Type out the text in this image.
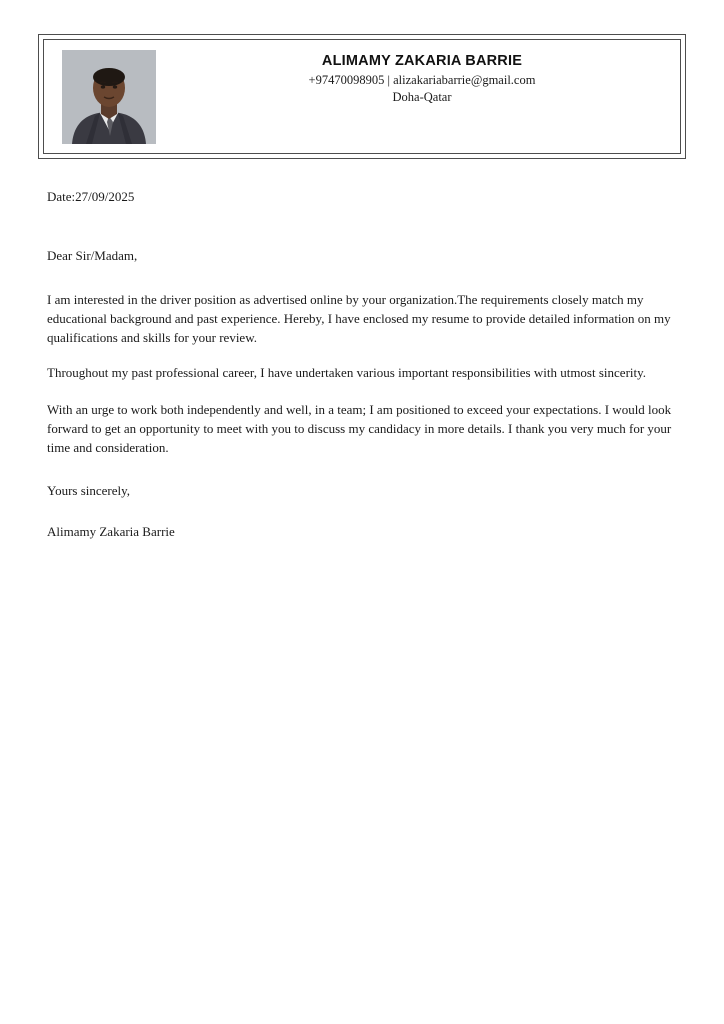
ALIMAMY ZAKARIA BARRIE

+97470098905 | alizakariabarrie@gmail.com

Doha-Qatar

Date:27/09/2025

Dear Sir/Madam,

I am interested in the driver position as advertised online by your organization.The requirements closely match my educational background and past experience. Hereby, I have enclosed my resume to provide detailed information on my qualifications and skills for your review.

Throughout my past professional career, I have undertaken various important responsibilities with utmost sincerity.

With an urge to work both independently and well, in a team; I am positioned to exceed your expectations. I would look forward to get an opportunity to meet with you to discuss my candidacy in more details. I thank you very much for your time and consideration.

Yours sincerely,

Alimamy Zakaria Barrie
